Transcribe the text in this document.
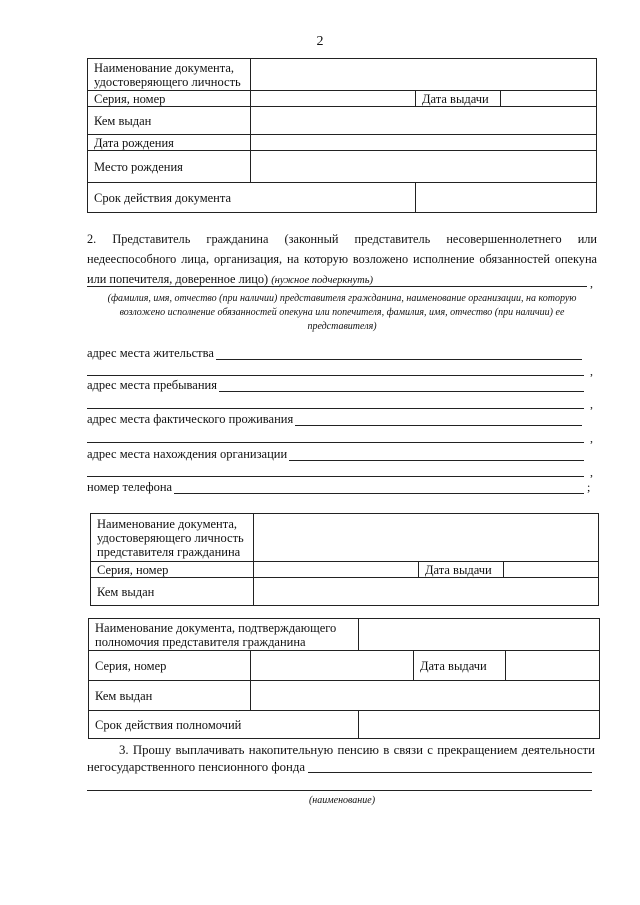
2
Наименование документа, удостоверяющего личность			
Серия, номер		Дата выдачи	
Кем выдан			
Дата рождения			
Место рождения			
Срок действия документа			
2. Представитель гражданина (законный представитель несовершеннолетнего или недееспособного лица, организация, на которую возложено исполнение обязанностей опекуна или попечителя, доверенное лицо) (нужное подчеркнуть)	,
(фамилия, имя, отчество (при наличии) представителя гражданина, наименование организации, на которую возложено исполнение обязанностей опекуна или попечителя, фамилия, имя, отчество (при наличии) ее представителя)
адрес места жительства
,
адрес места пребывания
,
адрес места фактического проживания
,
адрес места нахождения организации
,
номер телефона	;
Наименование документа, удостоверяющего личность представителя гражданина			
Серия, номер		Дата выдачи	
Кем выдан			
Наименование документа, подтверждающего полномочия представителя гражданина				
Серия, номер			Дата выдачи	
Кем выдан				
Срок действия полномочий				
3. Прошу выплачивать накопительную пенсию в связи с прекращением деятельности негосударственного пенсионного фонда
(наименование)
